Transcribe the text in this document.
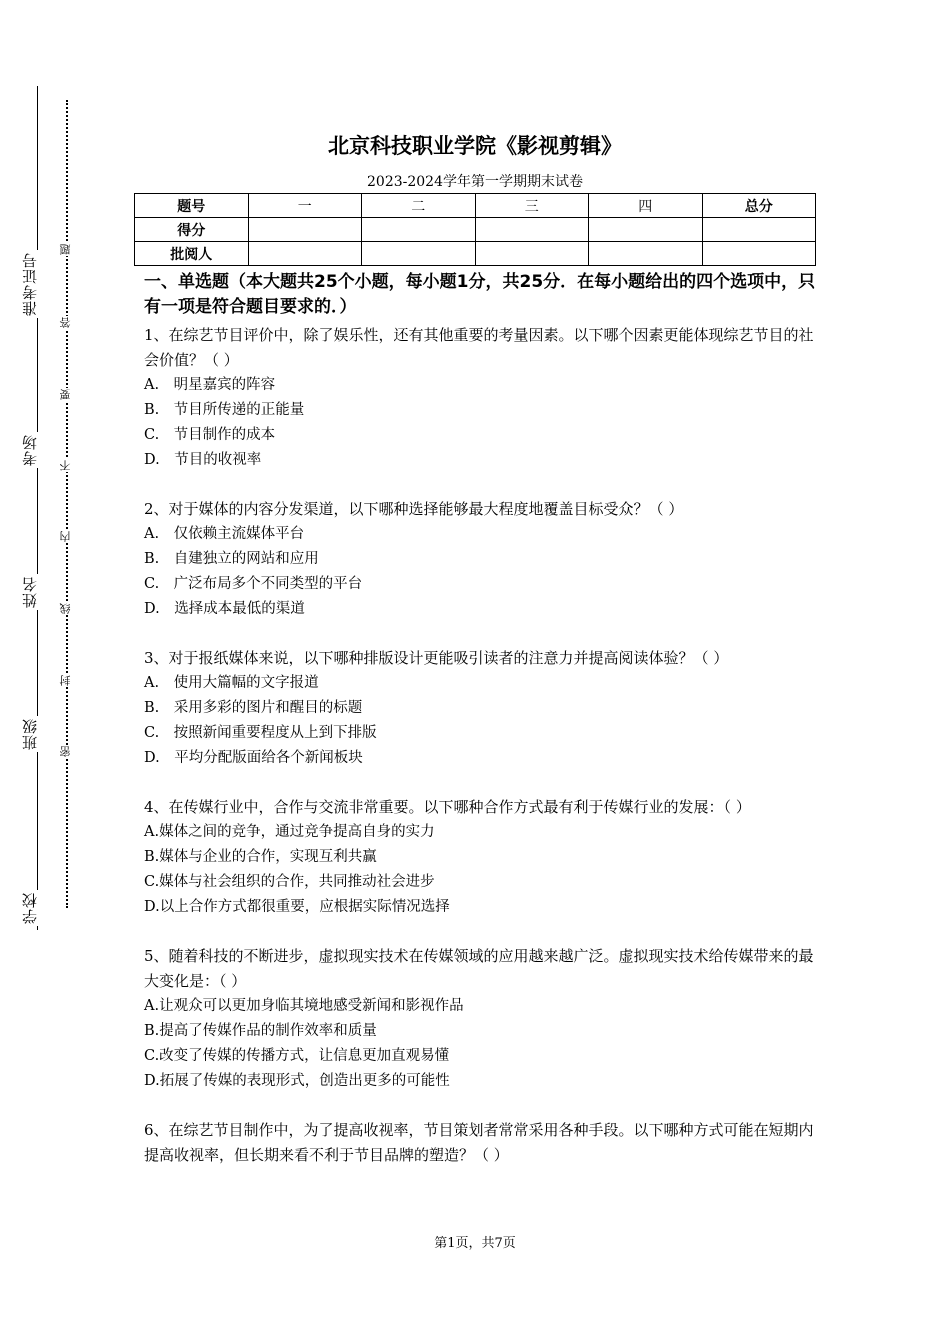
准考证号
考场
姓名
班级
学校
题
答
要
不
内
线
封
密
北京科技职业学院《影视剪辑》
2023-2024学年第一学期期末试卷
题号	一	二	三	四	总分
得分					
批阅人					

一、单选题（本大题共25个小题，每小题1分，共25分．在每小题给出的四个选项中，只有一项是符合题目要求的．）

1、在综艺节目评价中，除了娱乐性，还有其他重要的考量因素。以下哪个因素更能体现综艺节目的社会价值？（ ）

A.　明星嘉宾的阵容

B.　节目所传递的正能量

C.　节目制作的成本

D.　节目的收视率

2、对于媒体的内容分发渠道，以下哪种选择能够最大程度地覆盖目标受众？（ ）

A.　仅依赖主流媒体平台

B.　自建独立的网站和应用

C.　广泛布局多个不同类型的平台

D.　选择成本最低的渠道

3、对于报纸媒体来说，以下哪种排版设计更能吸引读者的注意力并提高阅读体验？（ ）

A.　使用大篇幅的文字报道

B.　采用多彩的图片和醒目的标题

C.　按照新闻重要程度从上到下排版

D.　平均分配版面给各个新闻板块

4、在传媒行业中，合作与交流非常重要。以下哪种合作方式最有利于传媒行业的发展：（ ）

A.媒体之间的竞争，通过竞争提高自身的实力

B.媒体与企业的合作，实现互利共赢

C.媒体与社会组织的合作，共同推动社会进步

D.以上合作方式都很重要，应根据实际情况选择

5、随着科技的不断进步，虚拟现实技术在传媒领域的应用越来越广泛。虚拟现实技术给传媒带来的最大变化是：（ ）

A.让观众可以更加身临其境地感受新闻和影视作品

B.提高了传媒作品的制作效率和质量

C.改变了传媒的传播方式，让信息更加直观易懂

D.拓展了传媒的表现形式，创造出更多的可能性

6、在综艺节目制作中，为了提高收视率，节目策划者常常采用各种手段。以下哪种方式可能在短期内提高收视率，但长期来看不利于节目品牌的塑造？（ ）

第1页，共7页
